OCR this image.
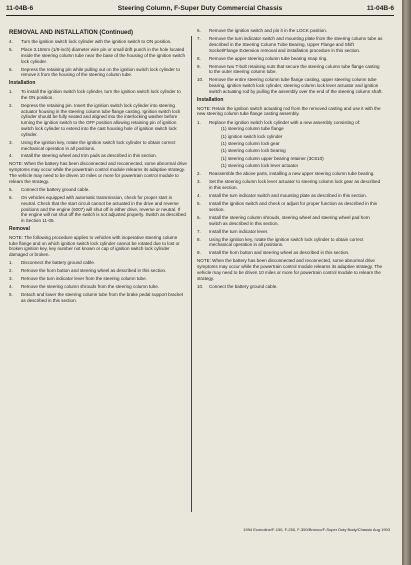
11-04B-6	Steering Column, F-Super Duty Commercial Chassis	11-04B-6
REMOVAL AND INSTALLATION (Continued)
4. Turn the ignition switch lock cylinder with the ignition switch to ON position.
5. Place 3.18mm (1/8-inch) diameter wire pin or small drift punch in the hole located inside the steering column tube near the base of the housing of the ignition switch lock cylinder.
6. Depress the retaining pin while pulling out on the ignition switch lock cylinder to remove it from the housing of the steering column tube.
Installation
1. To install the ignition switch lock cylinder, turn the ignition switch lock cylinder to the ON position.
2. Depress the retaining pin. Insert the ignition switch lock cylinder into steering actuator housing in the steering column tube flange casting. Ignition switch lock cylinder should be fully seated and aligned into the interlocking washer before turning the ignition switch to the OFF position allowing retaining pin of ignition switch lock cylinder to extend into the cast housing hole of ignition switch lock cylinder.
3. Using the ignition key, rotate the ignition switch lock cylinder to obtain correct mechanical operation in all positions.
4. Install the steering wheel and trim pads as described in this section.

NOTE: When the battery has been disconnected and reconnected, some abnormal drive symptoms may occur while the powertrain control module relearns its adaptive strategy. The vehicle may need to be driven 10 miles or more for powertrain control module to relearn the strategy.

5. Connect the battery ground cable.
6. On vehicles equipped with automatic transmission, check for proper start in neutral. Check that the start circuit cannot be actuated in the drive and reverse positions and the engine (6007) will shut off in either drive, reverse or neutral. If the engine will not shut off the switch is not adjusted properly. Switch as described in Section 11-05.
Removal

NOTE: The following procedure applies to vehicles with inoperative steering column tube flange and on which ignition switch lock cylinder cannot be rotated due to lost or broken ignition key, key number not known or cap of ignition switch lock cylinder damaged or broken.

1. Disconnect the battery ground cable.
2. Remove the horn button and steering wheel as described in this section.
3. Remove the turn indicator lever from the steering column tube.
4. Remove the steering column shrouds from the steering column tube.
5. Detach and lower the steering column tube from the brake pedal support bracket as described in this section.
6. Remove the ignition switch and pin it in the LOCK position.
7. Remove the turn indicator switch and mounting plate from the steering column tube as described in the Steering Column Tube Bearing, Upper Flange and Shift Socket/Flange Extension removal and installation procedure in this section.
8. Remove the upper steering column tube bearing snap ring.
9. Remove two T-bolt retaining nuts that secure the steering column tube flange casting to the outer steering column tube.
10. Remove the entire steering column tube flange casting, upper steering column tube bearing, ignition switch lock cylinder, steering column lock lever actuator and ignition switch actuating rod by pulling the assembly over the end of the steering column shaft.
Installation

NOTE: Retain the ignition switch actuating rod from the removed casting and use it with the new steering column tube flange casting assembly.

1. Replace the ignition switch lock cylinder with a new assembly consisting of:
(1) steering column tube flange
(1) ignition switch lock cylinder
(1) steering column lock gear
(1) steering column lock bearing
(1) steering column upper bearing retainer (3C610)
(1) steering column lock lever actuator
2. Reassemble the above parts, installing a new upper steering column tube bearing.
3. Set the steering column lock lever actuator to steering column lock gear as described in this section.
4. Install the turn indicator switch and mounting plate as described in this section.
5. Install the ignition switch and check or adjust for proper function as described in this section.
6. Install the steering column shrouds, steering wheel and steering wheel pad horn switch as described in this section.
7. Install the turn indicator lever.
8. Using the ignition key, rotate the ignition switch lock cylinder to obtain correct mechanical operation in all positions.
9. Install the horn button and steering wheel as described in this section.

NOTE: When the battery has been disconnected and reconnected, some abnormal drive symptoms may occur while the powertrain control module relearns its adaptive strategy. The vehicle may need to be driven 10 miles or more for powertrain control module to relearn the strategy.

10. Connect the battery ground cable.
1994 Econoline/F-150, F-250, F-350/Bronco/F-Super Duty Body/Chassis Aug 1993
